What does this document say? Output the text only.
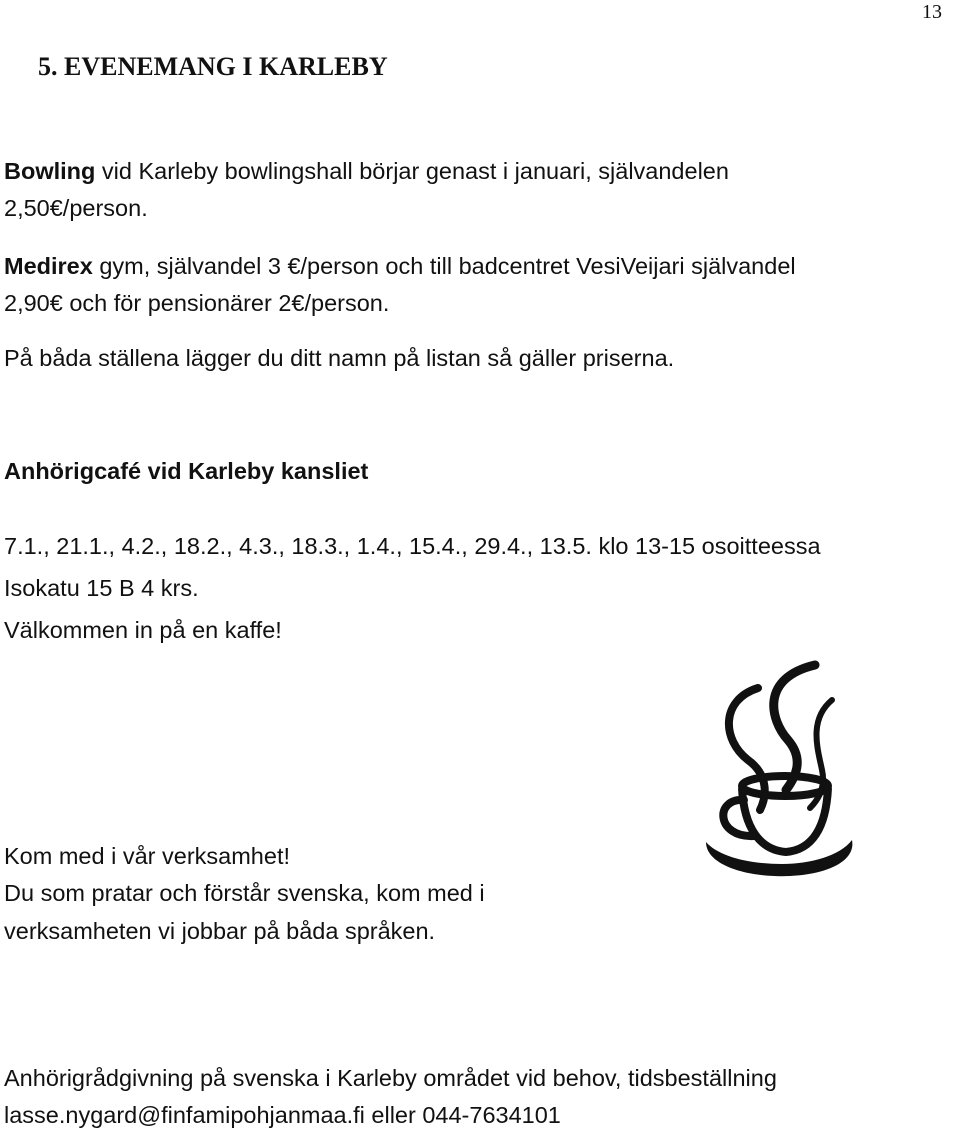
13
5. EVENEMANG I KARLEBY
Bowling vid Karleby bowlingshall börjar genast i januari, självandelen
2,50€/person.
Medirex gym, självandel 3 €/person och till badcentret VesiVeijari självandel
2,90€ och för pensionärer 2€/person.
På båda ställena lägger du ditt namn på listan så gäller priserna.
Anhörigcafé vid Karleby kansliet
7.1., 21.1., 4.2., 18.2., 4.3., 18.3., 1.4., 15.4., 29.4., 13.5. klo 13-15 osoitteessa
Isokatu 15 B 4 krs.
Välkommen in på en kaffe!
Kom med i vår verksamhet!
Du som pratar och förstår svenska, kom med i
verksamheten vi jobbar på båda språken.
Anhörigrådgivning på svenska i Karleby området vid behov, tidsbeställning
lasse.nygard@finfamipohjanmaa.fi eller 044-7634101
